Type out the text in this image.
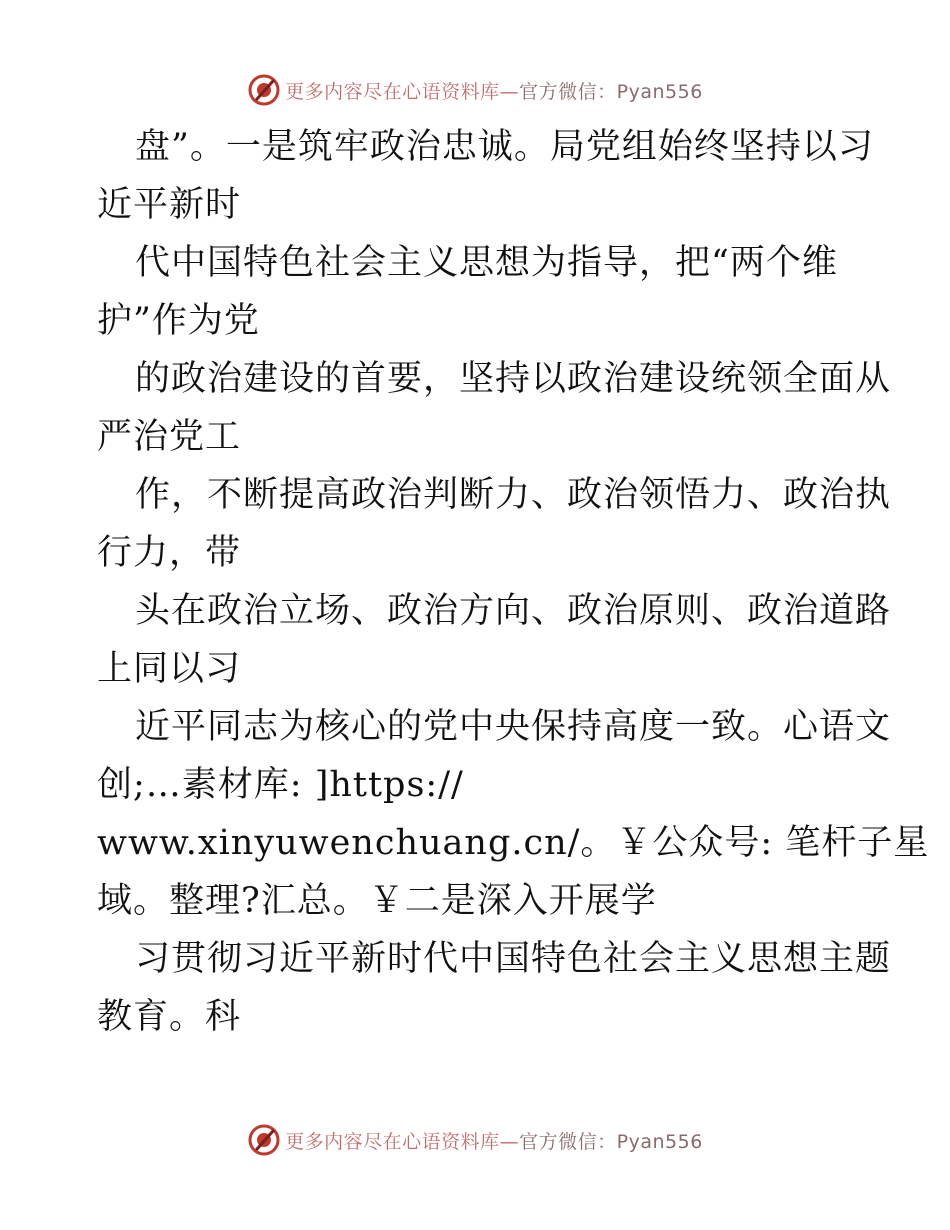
更多内容尽在心语资料库—官方微信：Pyan556
盘”。一是筑牢政治忠诚。局党组始终坚持以习
近平新时
代中国特色社会主义思想为指导，把“两个维
护”作为党
的政治建设的首要，坚持以政治建设统领全面从
严治党工
作，不断提高政治判断力、政治领悟力、政治执
行力，带
头在政治立场、政治方向、政治原则、政治道路
上同以习
近平同志为核心的党中央保持高度一致。心语文
创;…素材库: ]https://
www.xinyuwenchuang.cn/。￥公众号: 笔杆子星
域。整理?汇总。￥二是深入开展学
习贯彻习近平新时代中国特色社会主义思想主题
教育。科
更多内容尽在心语资料库—官方微信：Pyan556
